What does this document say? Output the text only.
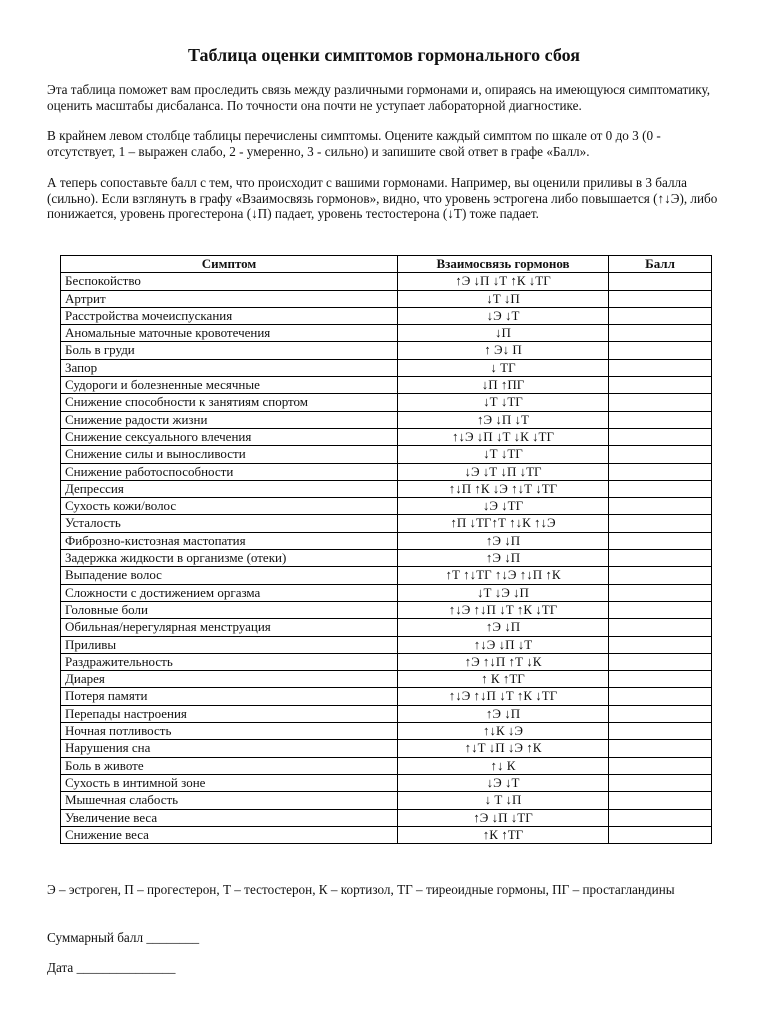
Таблица оценки симптомов гормонального сбоя

Эта таблица поможет вам проследить связь между различными гормонами и, опираясь на имеющуюся симптоматику, оценить масштабы дисбаланса. По точности она почти не уступает лабораторной диагностике.

В крайнем левом столбце таблицы перечислены симптомы. Оцените каждый симптом по шкале от 0 до 3 (0 - отсутствует, 1 – выражен слабо, 2 - умеренно, 3 - сильно) и запишите свой ответ в графе «Балл».

А теперь сопоставьте балл с тем, что происходит с вашими гормонами. Например, вы оценили приливы в 3 балла (сильно). Если взглянуть в графу «Взаимосвязь гормонов», видно, что уровень эстрогена либо повышается (↑↓Э), либо понижается, уровень прогестерона (↓П) падает, уровень тестостерона (↓Т) тоже падает.

Симптом	Взаимосвязь гормонов	Балл
Беспокойство	↑Э ↓П ↓Т ↑К ↓ТГ	
Артрит	↓Т ↓П	
Расстройства мочеиспускания	↓Э ↓Т	
Аномальные маточные кровотечения	↓П	
Боль в груди	↑ Э↓ П	
Запор	↓ ТГ	
Судороги и болезненные месячные	↓П ↑ПГ	
Снижение способности к занятиям спортом	↓Т ↓ТГ	
Снижение радости жизни	↑Э ↓П ↓Т	
Снижение сексуального влечения	↑↓Э ↓П ↓Т ↓К ↓ТГ	
Снижение силы и выносливости	↓Т ↓ТГ	
Снижение работоспособности	↓Э ↓Т ↓П ↓ТГ	
Депрессия	↑↓П ↑К ↓Э ↑↓Т ↓ТГ	
Сухость кожи/волос	↓Э ↓ТГ	
Усталость	↑П ↓ТГ↑Т ↑↓К ↑↓Э	
Фиброзно-кистозная мастопатия	↑Э ↓П	
Задержка жидкости в организме (отеки)	↑Э ↓П	
Выпадение волос	↑Т ↑↓ТГ ↑↓Э ↑↓П ↑К	
Сложности с достижением оргазма	↓Т ↓Э ↓П	
Головные боли	↑↓Э ↑↓П ↓Т ↑К ↓ТГ	
Обильная/нерегулярная менструация	↑Э ↓П	
Приливы	↑↓Э ↓П ↓Т	
Раздражительность	↑Э ↑↓П ↑Т ↓К	
Диарея	↑ К ↑ТГ	
Потеря памяти	↑↓Э ↑↓П ↓Т ↑К ↓ТГ	
Перепады настроения	↑Э ↓П	
Ночная потливость	↑↓К ↓Э	
Нарушения сна	↑↓Т ↓П ↓Э ↑К	
Боль в животе	↑↓ К	
Сухость в интимной зоне	↓Э ↓Т	
Мышечная слабость	↓ Т ↓П	
Увеличение веса	↑Э ↓П ↓ТГ	
Снижение веса	↑К ↑ТГ	

Э – эстроген, П – прогестерон, Т – тестостерон, К – кортизол, ТГ – тиреоидные гормоны, ПГ – простагландины

Суммарный балл ________

Дата _______________
